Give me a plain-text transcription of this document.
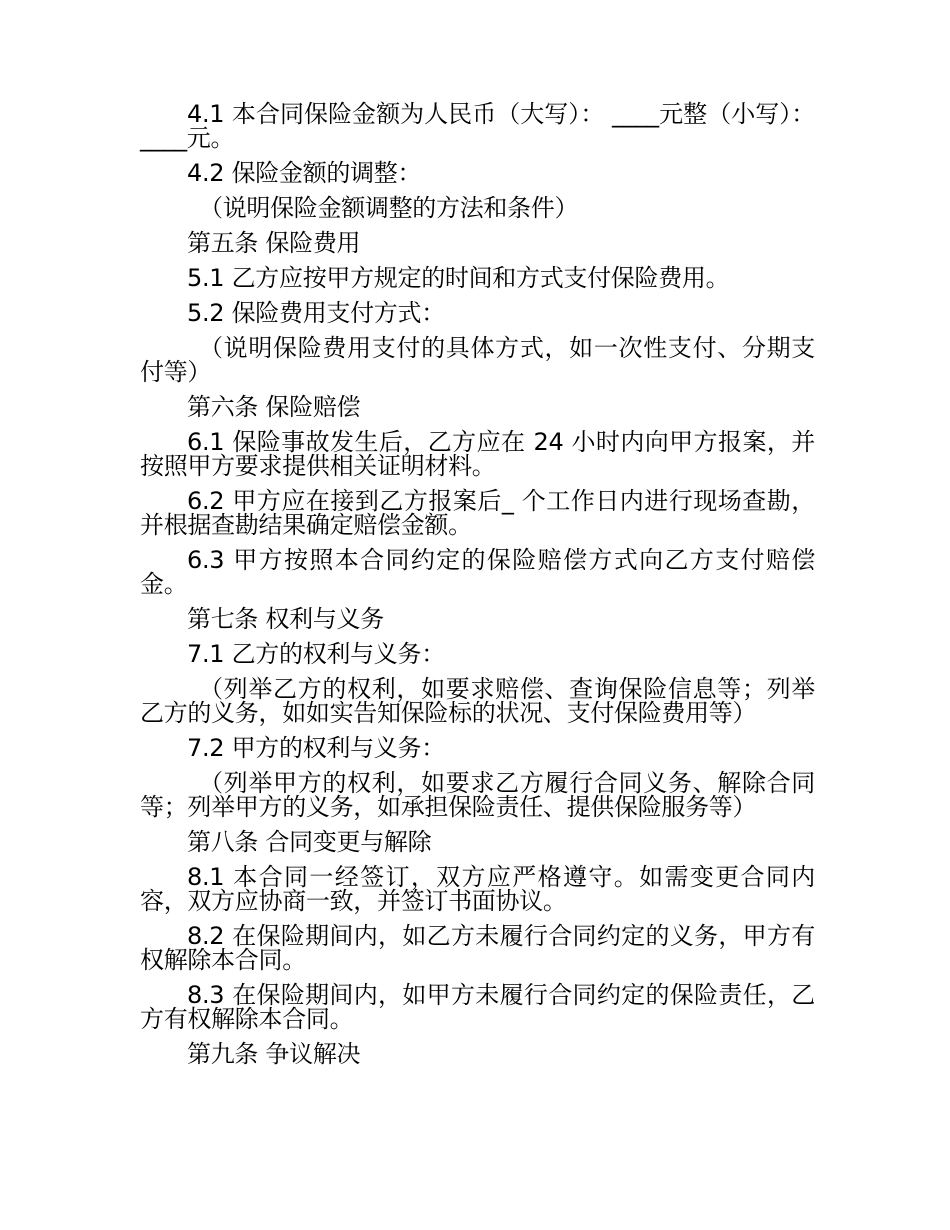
4.1 本合同保险金额为人民币（大写）： ____元整（小写）： ____元。

4.2 保险金额的调整：

（说明保险金额调整的方法和条件）

第五条 保险费用

5.1 乙方应按甲方规定的时间和方式支付保险费用。

5.2 保险费用支付方式：

（说明保险费用支付的具体方式，如一次性支付、分期支付等）

第六条 保险赔偿

6.1 保险事故发生后，乙方应在 24 小时内向甲方报案，并按照甲方要求提供相关证明材料。

6.2 甲方应在接到乙方报案后_ 个工作日内进行现场查勘，并根据查勘结果确定赔偿金额。

6.3 甲方按照本合同约定的保险赔偿方式向乙方支付赔偿金。

第七条 权利与义务

7.1 乙方的权利与义务：

（列举乙方的权利，如要求赔偿、查询保险信息等；列举乙方的义务，如如实告知保险标的状况、支付保险费用等）

7.2 甲方的权利与义务：

（列举甲方的权利，如要求乙方履行合同义务、解除合同等；列举甲方的义务，如承担保险责任、提供保险服务等）

第八条 合同变更与解除

8.1 本合同一经签订，双方应严格遵守。如需变更合同内容，双方应协商一致，并签订书面协议。

8.2 在保险期间内，如乙方未履行合同约定的义务，甲方有权解除本合同。

8.3 在保险期间内，如甲方未履行合同约定的保险责任，乙方有权解除本合同。

第九条 争议解决
